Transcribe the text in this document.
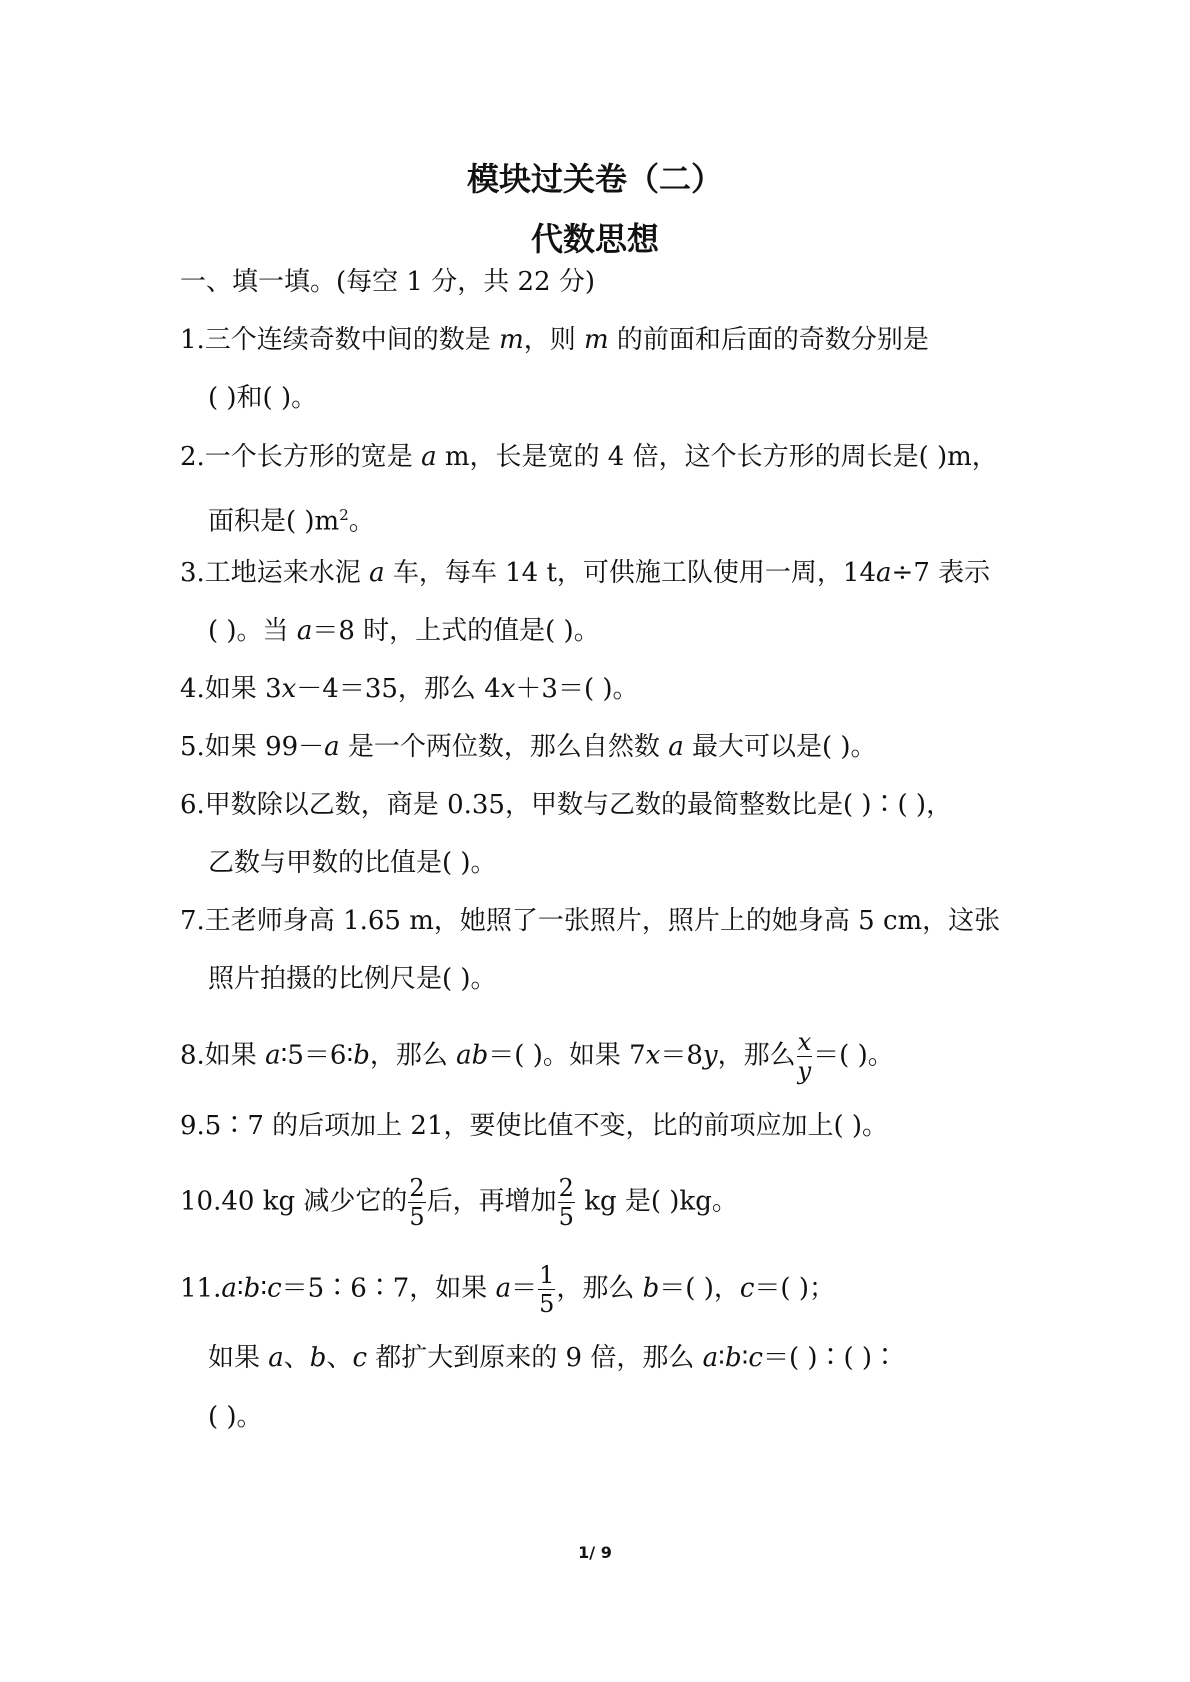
模块过关卷（二）
代数思想
一、填一填。(每空 1 分，共 22 分)
1.三个连续奇数中间的数是 m，则 m 的前面和后面的奇数分别是
( )和( )。
2.一个长方形的宽是 a m，长是宽的 4 倍，这个长方形的周长是( )m，
面积是( )$m^2$。
3.工地运来水泥 a 车，每车 14 t，可供施工队使用一周，14a÷7 表示
( )。当 a＝8 时，上式的值是( )。
4.如果 3x－4＝35，那么 4x＋3＝( )。
5.如果 99－a 是一个两位数，那么自然数 a 最大可以是( )。
6.甲数除以乙数，商是 0.35，甲数与乙数的最简整数比是( )∶( )，
乙数与甲数的比值是( )。
7.王老师身高 1.65 m，她照了一张照片，照片上的她身高 5 cm，这张
照片拍摄的比例尺是( )。
8.如果 a∶5＝6∶b，那么 ab＝( )。如果 7x＝8y，那么 $\frac{x}{y}$ ＝( )。
9.5∶7 的后项加上 21，要使比值不变，比的前项应加上( )。
10.40 kg 减少它的 $\frac{2}{5}$ 后，再增加 $\frac{2}{5}$ kg 是( )kg。
11.a∶b∶c＝5∶6∶7，如果 $a= \frac{1}{5}$ ，那么 b＝( )，c＝( )；
如果 a、b、c 都扩大到原来的 9 倍，那么 a∶b∶c＝( )∶( )∶
( )。
1/ 9
